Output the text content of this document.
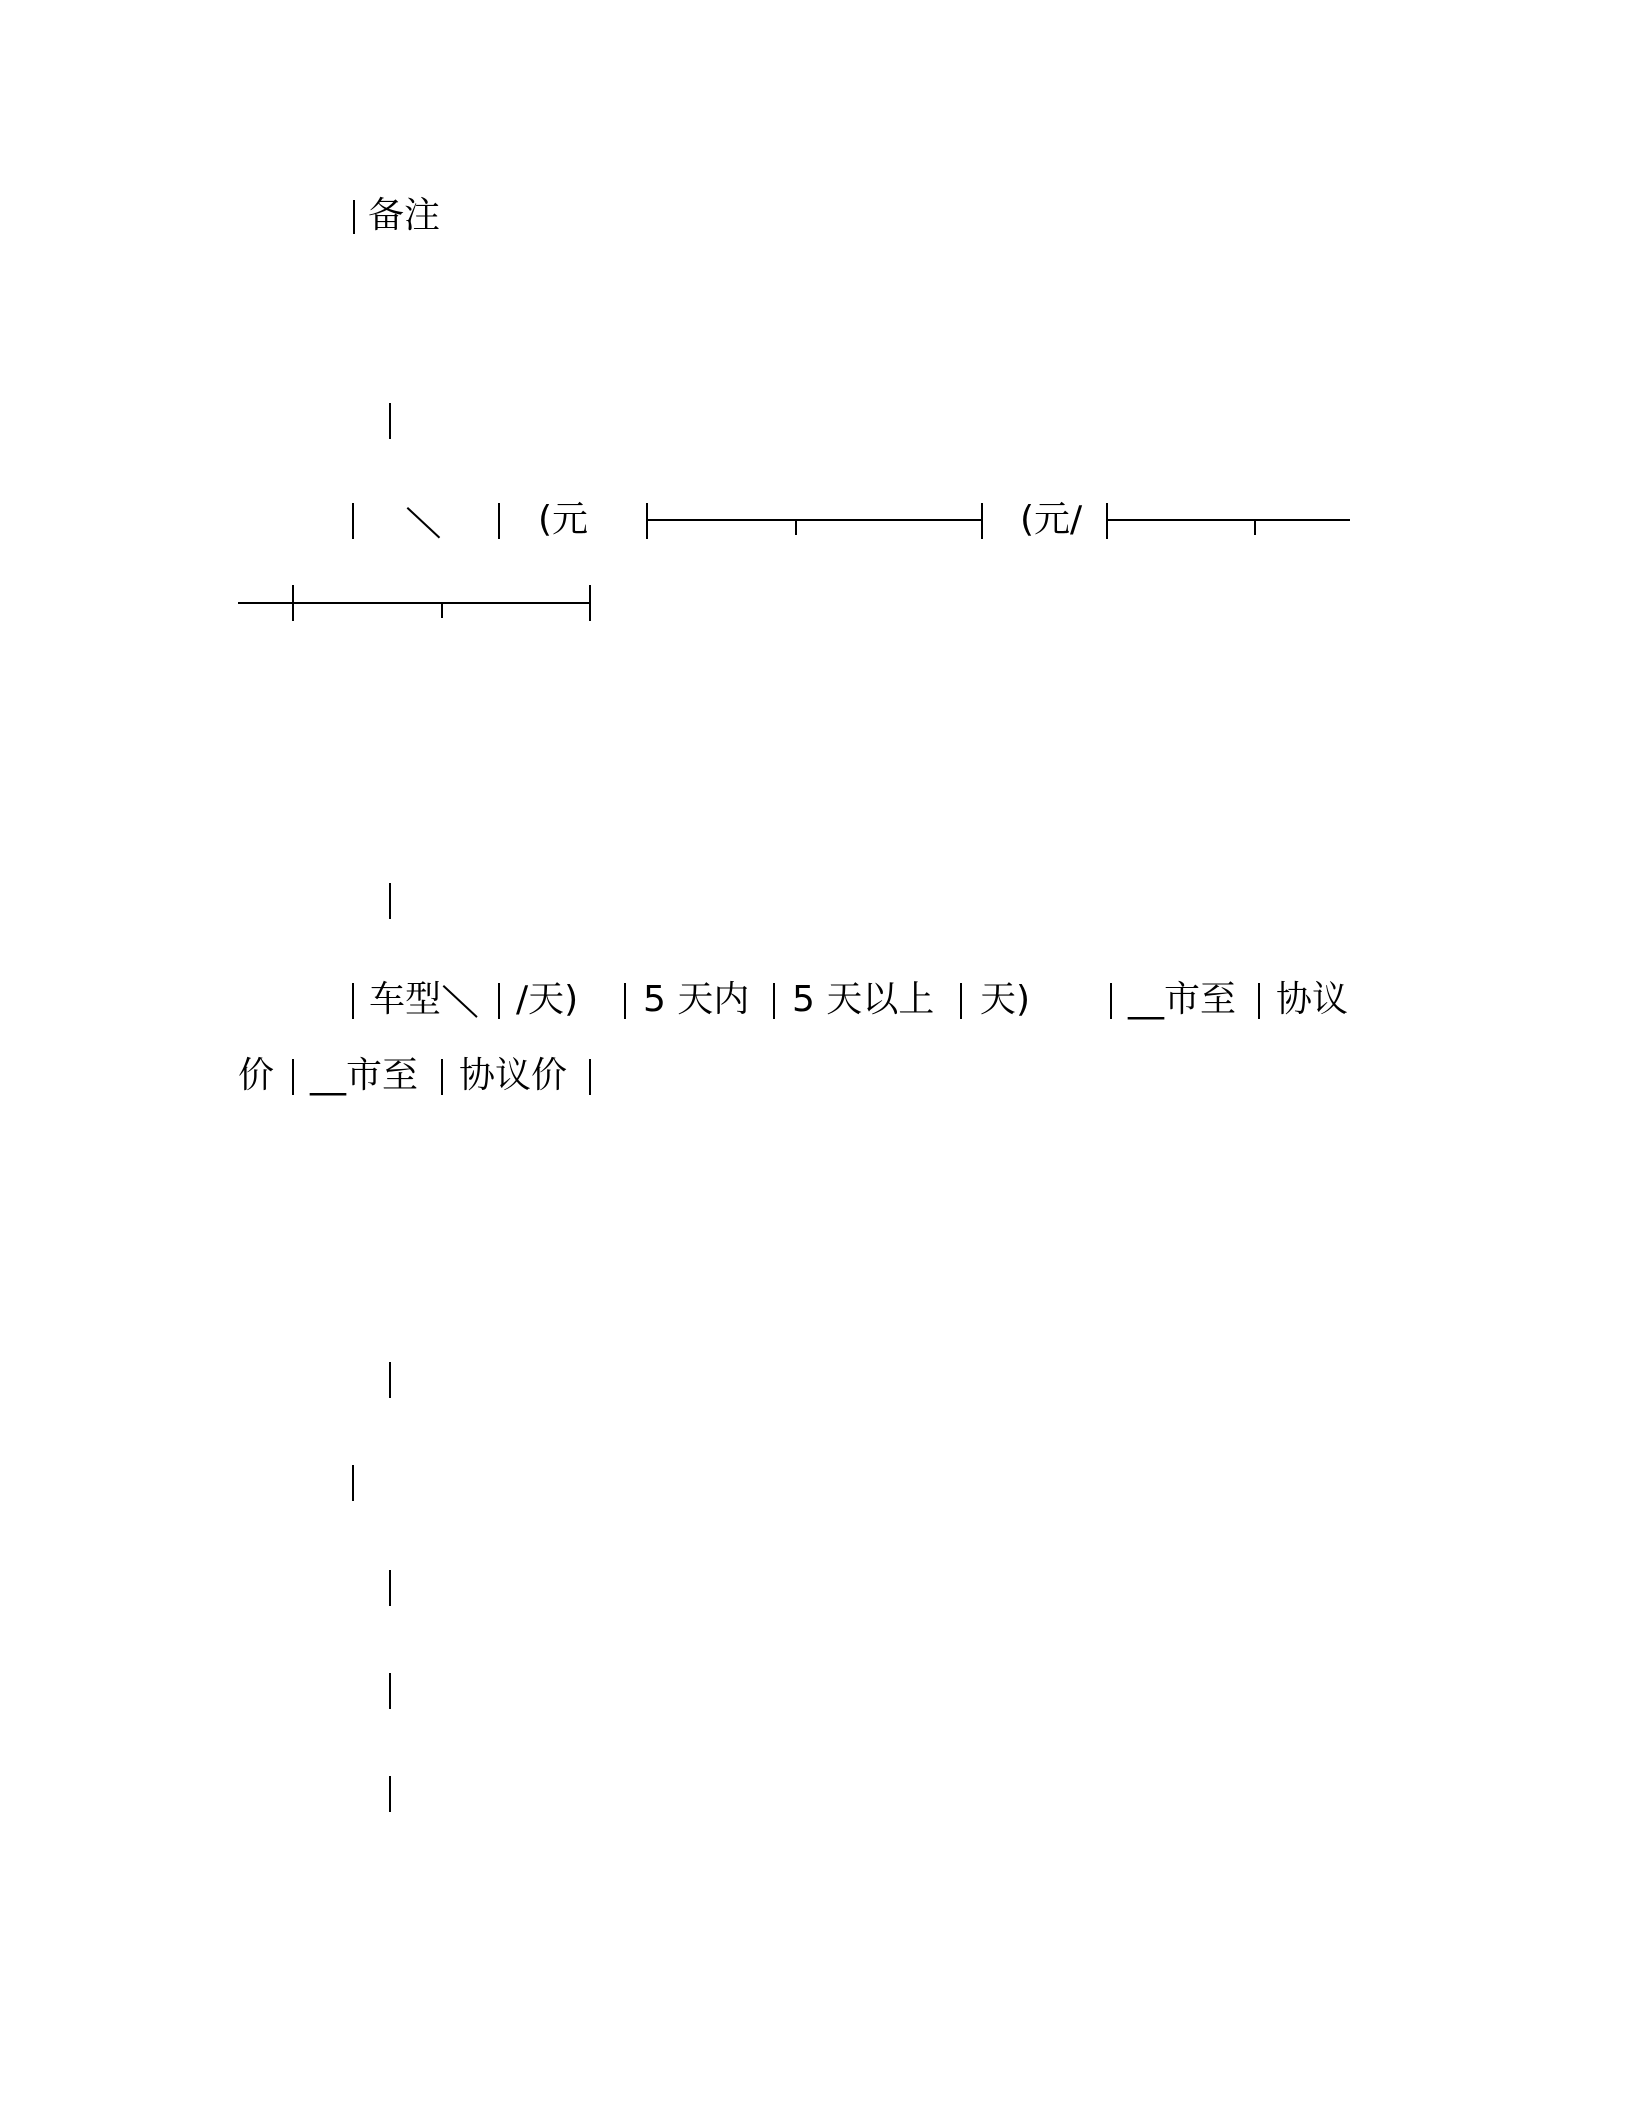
备注
(元	(元/
车型 /天) 5 天内 5 天以上 天)	__市至 协议
价 __市至 协议价
